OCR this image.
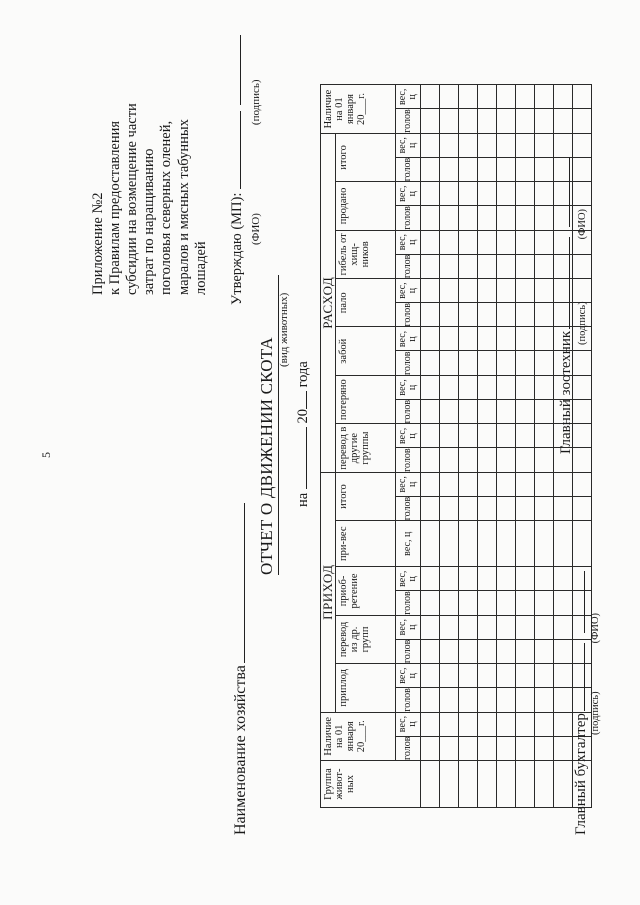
5
Приложение №2 к Правилам предоставления субсидии на возмещение части затрат по наращиванию поголовья северных оленей, маралов и мясных табунных лошадей Утверждаю (МП): (ФИО)(подпись)
Наименование хозяйства
ОТЧЕТ О ДВИЖЕНИИ СКОТА
(вид животных)
на  20 года
Группа живот-ных	Наличие на 01 января 20___г.		ПРИХОД									РАСХОД														Наличие на 01 января 20___г.	
			приплод		перевод из др. групп		приоб-ретение		при-вес	итого		перевод в другие группы		потеряно		забой		пало		гибель от хищ-ников		продано		итого			
	голов	вес, ц	голов	вес, ц	голов	вес, ц	голов	вес, ц	вес, ц	голов	вес, ц	голов	вес, ц	голов	вес, ц	голов	вес, ц	голов	вес, ц	голов	вес, ц	голов	вес, ц	голов	вес, ц	голов	вес, ц

Главный бухгалтер (подпись)(ФИО)
Главный зоотехник
(подпись)(ФИО)
